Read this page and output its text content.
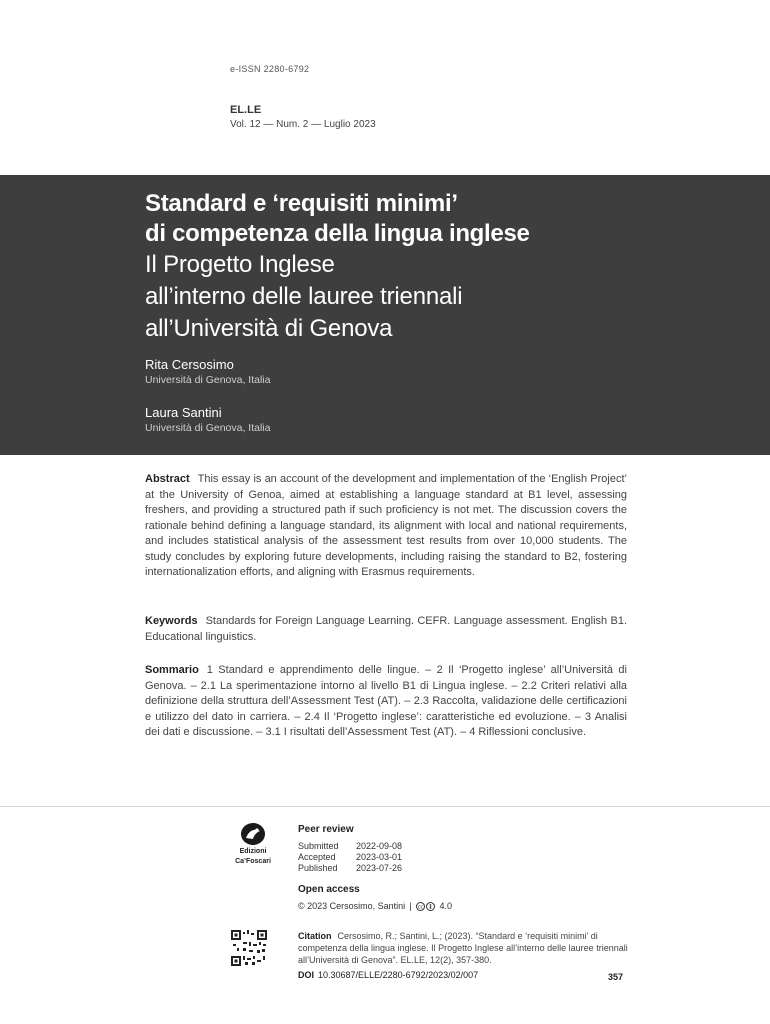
e-ISSN 2280-6792
EL.LE
Vol. 12 — Num. 2 — Luglio 2023
Standard e ‘requisiti minimi’
di competenza della lingua inglese
Il Progetto Inglese
all’interno delle lauree triennali
all’Università di Genova
Rita Cersosimo
Università di Genova, Italia
Laura Santini
Università di Genova, Italia
Abstract This essay is an account of the development and implementation of the ‘English Project’ at the University of Genoa, aimed at establishing a language standard at B1 level, assessing freshers, and providing a structured path if such proficiency is not met. The discussion covers the rationale behind defining a language standard, its alignment with local and national requirements, and includes statistical analysis of the assessment test results from over 10,000 students. The study concludes by exploring future developments, including raising the standard to B2, fostering internationalization efforts, and aligning with Erasmus requirements.
Keywords Standards for Foreign Language Learning. CEFR. Language assessment. English B1. Educational linguistics.
Sommario 1 Standard e apprendimento delle lingue. – 2 Il ‘Progetto inglese’ all’Università di Genova. – 2.1 La sperimentazione intorno al livello B1 di Lingua inglese. – 2.2 Criteri relativi alla definizione della struttura dell’Assessment Test (AT). – 2.3 Raccolta, validazione delle certificazioni e utilizzo del dato in carriera. – 2.4 Il ‘Progetto inglese’: caratteristiche ed evoluzione. – 3 Analisi dei dati e discussione. – 3.1 I risultati dell’Assessment Test (AT). – 4 Riflessioni conclusive.
Edizioni
Ca’Foscari
Peer review
Submitted	2022-09-08
Accepted	2023-03-01
Published	2023-07-26
Open access
© 2023 Cersosimo, Santini | cc 4.0
Citation Cersosimo, R.; Santini, L.; (2023). “Standard e ‘requisiti minimi’ di competenza della lingua inglese. Il Progetto Inglese all’interno delle lauree triennali all’Università di Genova”. EL.LE, 12(2), 357-380.
DOI 10.30687/ELLE/2280-6792/2023/02/007	357
